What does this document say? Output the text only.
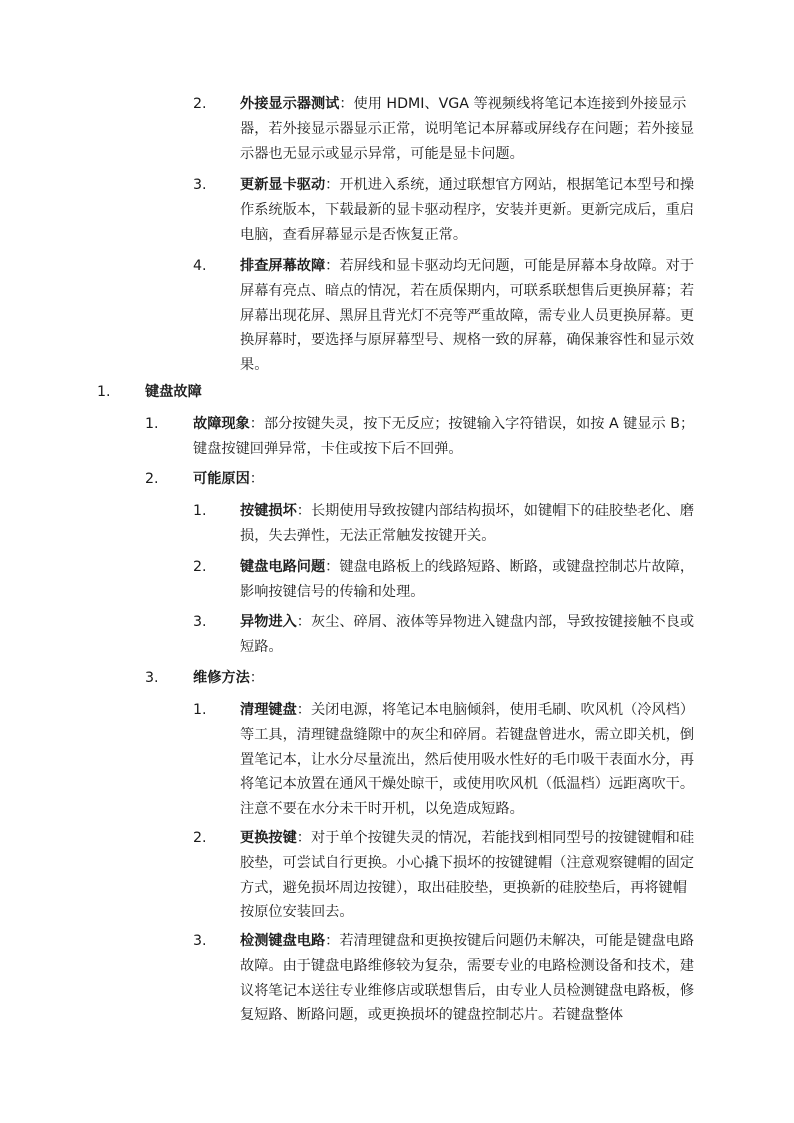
2. 外接显示器测试：使用 HDMI、VGA 等视频线将笔记本连接到外接显示器，若外接显示器显示正常，说明笔记本屏幕或屏线存在问题；若外接显示器也无显示或显示异常，可能是显卡问题。
3. 更新显卡驱动：开机进入系统，通过联想官方网站，根据笔记本型号和操作系统版本，下载最新的显卡驱动程序，安装并更新。更新完成后，重启电脑，查看屏幕显示是否恢复正常。
4. 排查屏幕故障：若屏线和显卡驱动均无问题，可能是屏幕本身故障。对于屏幕有亮点、暗点的情况，若在质保期内，可联系联想售后更换屏幕；若屏幕出现花屏、黑屏且背光灯不亮等严重故障，需专业人员更换屏幕。更换屏幕时，要选择与原屏幕型号、规格一致的屏幕，确保兼容性和显示效果。
1. 键盘故障
1. 故障现象：部分按键失灵，按下无反应；按键输入字符错误，如按 A 键显示 B；键盘按键回弹异常，卡住或按下后不回弹。
2. 可能原因：
1. 按键损坏：长期使用导致按键内部结构损坏，如键帽下的硅胶垫老化、磨损，失去弹性，无法正常触发按键开关。
2. 键盘电路问题：键盘电路板上的线路短路、断路，或键盘控制芯片故障，影响按键信号的传输和处理。
3. 异物进入：灰尘、碎屑、液体等异物进入键盘内部，导致按键接触不良或短路。
3. 维修方法：
1. 清理键盘：关闭电源，将笔记本电脑倾斜，使用毛刷、吹风机（冷风档）等工具，清理键盘缝隙中的灰尘和碎屑。若键盘曾进水，需立即关机，倒置笔记本，让水分尽量流出，然后使用吸水性好的毛巾吸干表面水分，再将笔记本放置在通风干燥处晾干，或使用吹风机（低温档）远距离吹干。注意不要在水分未干时开机，以免造成短路。
2. 更换按键：对于单个按键失灵的情况，若能找到相同型号的按键键帽和硅胶垫，可尝试自行更换。小心撬下损坏的按键键帽（注意观察键帽的固定方式，避免损坏周边按键），取出硅胶垫，更换新的硅胶垫后，再将键帽按原位安装回去。
3. 检测键盘电路：若清理键盘和更换按键后问题仍未解决，可能是键盘电路故障。由于键盘电路维修较为复杂，需要专业的电路检测设备和技术，建议将笔记本送往专业维修店或联想售后，由专业人员检测键盘电路板，修复短路、断路问题，或更换损坏的键盘控制芯片。若键盘整体
